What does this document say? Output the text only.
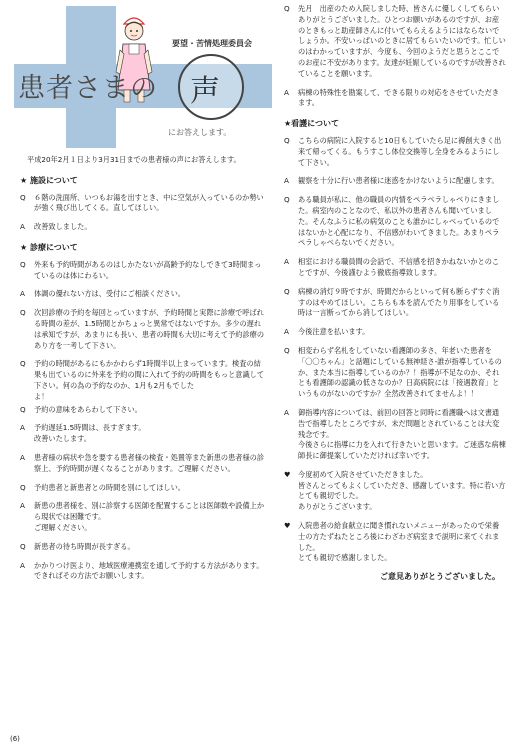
要望・苦情処理委員会
患者さまの 声
にお答えします。
平成20年2月１日より3月31日までの患者様の声にお答えします。
★ 施設について
Q	６階の洗面所、いつもお湯を出すとき、中に空気が入っているのか勢いが強く飛び出してくる。直してほしい。
A	改善致しました。
★ 診療について
Q	外来も予約時間があるのはしかたないが高齢予約なしできて3時間まっているのは体にわるい。
A	体調の優れない方は、受付にご相談ください。
Q	次回診療の予約を毎回とっていますが、予約時間と実際に診療で呼ばれる時間の差が、1.5時間とかちょっと異常ではないですか。多少の遅れは承知ですが、あまりにも長い、患者の時間も大切に考えて予約診療のあり方を一考して下さい。
Q	予約の時間があるにもかかわらず1時間半以上まっています。検査の結果も出ているのに外来を予約の間に入れて予約の時間をもっと意識して下さい。何の為の予約なのか、1月も2月もでした
よ！
Q	予約の意味をあらわして下さい。
A	予約遅延1.5時間は、長すぎます。
改善いたします。
A	患者様の病状や急を要する患者様の検査・処置等また新患の患者様の診察上、予約時間が遅くなることがあります。ご理解ください。
Q	予約患者と新患者との時間を別にしてほしい。
A	新患の患者様を、別に診察する医師を配置することは医師数や設備上から現状では困難です。
ご理解ください。
Q	新患者の待ち時間が長すぎる。
A	かかりつけ医より、地域医療連携室を通して予約する方法があります。できればその方法でお願いします。
Q	先月　出産のため入院しました時、皆さんに優しくしてもらいありがとうございました。ひとつお願いがあるのですが、お産のときもっと助産師さんに付いてもらえるようにはならないでしょうか。不安いっぱいのときに居てもらいたいのです。忙しいのはわかっていますが、今度も、今回のようだと思うとここでのお産に不安があります。友達が妊娠しているのですが改善されていることを願います。
A	病棟の特殊性を勘案して、できる限りの対応をさせていただきます。
★看護について
Q	こちらの病院に入院すると10日もしていたら足に褥創大きく出来て帰ってくる。もうすこし体位交換等し全身をみるようにして下さい。
A	観察を十分に行い患者様に迷惑をかけないように配慮します。
Q	ある職員が私に、他の職員の内情をペラペラしゃべりにきました。病室内のことなので、私以外の患者さんも聞いていました。そんなふうに私の病気のことも誰かにしゃべっているのではないかと心配になり、不信感がわいてきました。あまりペラペラしゃべらないでください。
A	相室における職員間の会話で、不信感を招きかねないかとのことですが、今後謹むよう徹底指導致します。
Q	病棟の消灯９時ですが、時間だからといって何も断らずすぐ消すのはやめてほしい。こちらも本を読んでたり用事をしている時は一言断ってから消してほしい。
A	今後注意を払います。
Q	相変わらず名札をしていない看護師の多さ、年老いた患者を「〇〇ちゃん」と話題にしている無神経さ-誰が指導しているのか、また本当に指導しているのか？！指導が不足なのか、それとも看護師の認識の低さなのか？日高病院には「接遇教育」というものがないのですか？全然改善されてませんよ！！
A	御指導内容については、前回の回答と同時に看護職へは文書通告で指導したところですが、未だ問題とされていることは大変残念です。
今後さらに指導に力を入れて行きたいと思います。ご迷惑な病棟師長に御提案していただければ幸いです。
♥	今度初めて入院させていただきました。
皆さんとってもよくしていただき、感謝しています。特に若い方とても親切でした。
ありがとうございます。
♥	入院患者の給食献立に聞き慣れないメニューがあったので栄養士の方たずねたところ後にわざわざ病室まで説明に来てくれました。
とても親切で感謝しました。
ご意見ありがとうございました。
(6)
